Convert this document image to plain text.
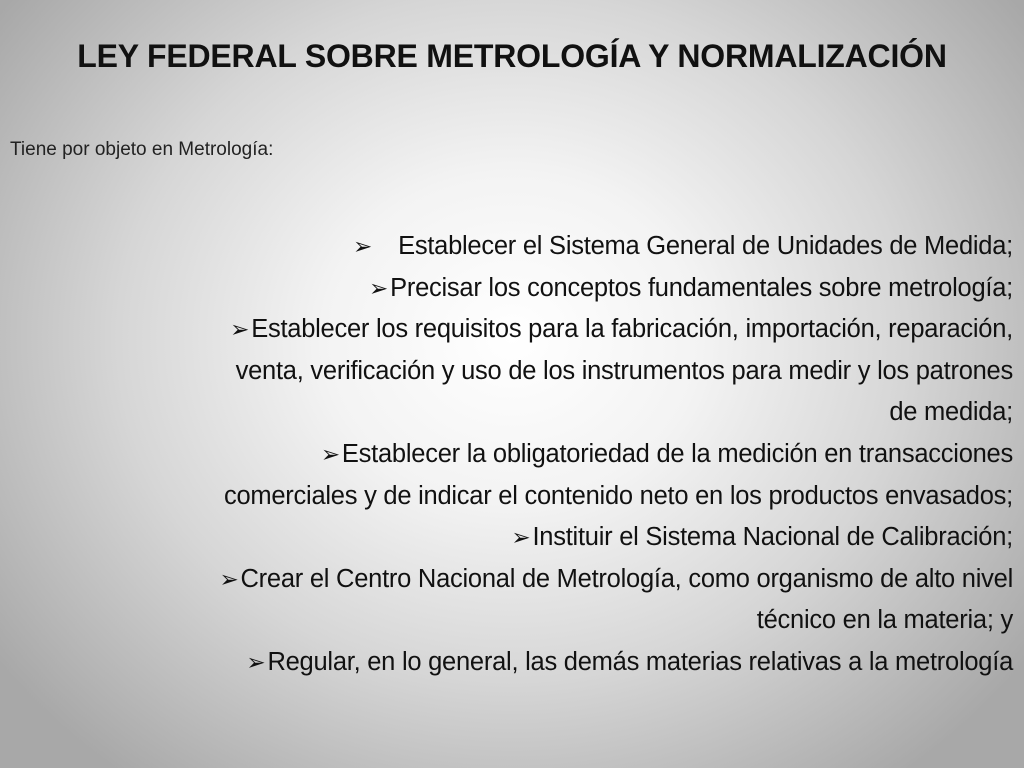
LEY FEDERAL SOBRE METROLOGÍA Y NORMALIZACIÓN
Tiene por objeto en Metrología:
➢ Establecer el Sistema General de Unidades de Medida;
➢Precisar los conceptos fundamentales sobre metrología;
➢Establecer los requisitos para la fabricación, importación, reparación,
venta, verificación y uso de los instrumentos para medir y los patrones
de medida;
➢Establecer la obligatoriedad de la medición en transacciones
comerciales y de indicar el contenido neto en los productos envasados;
➢Instituir el Sistema Nacional de Calibración;
➢Crear el Centro Nacional de Metrología, como organismo de alto nivel
técnico en la materia; y
➢Regular, en lo general, las demás materias relativas a la metrología
